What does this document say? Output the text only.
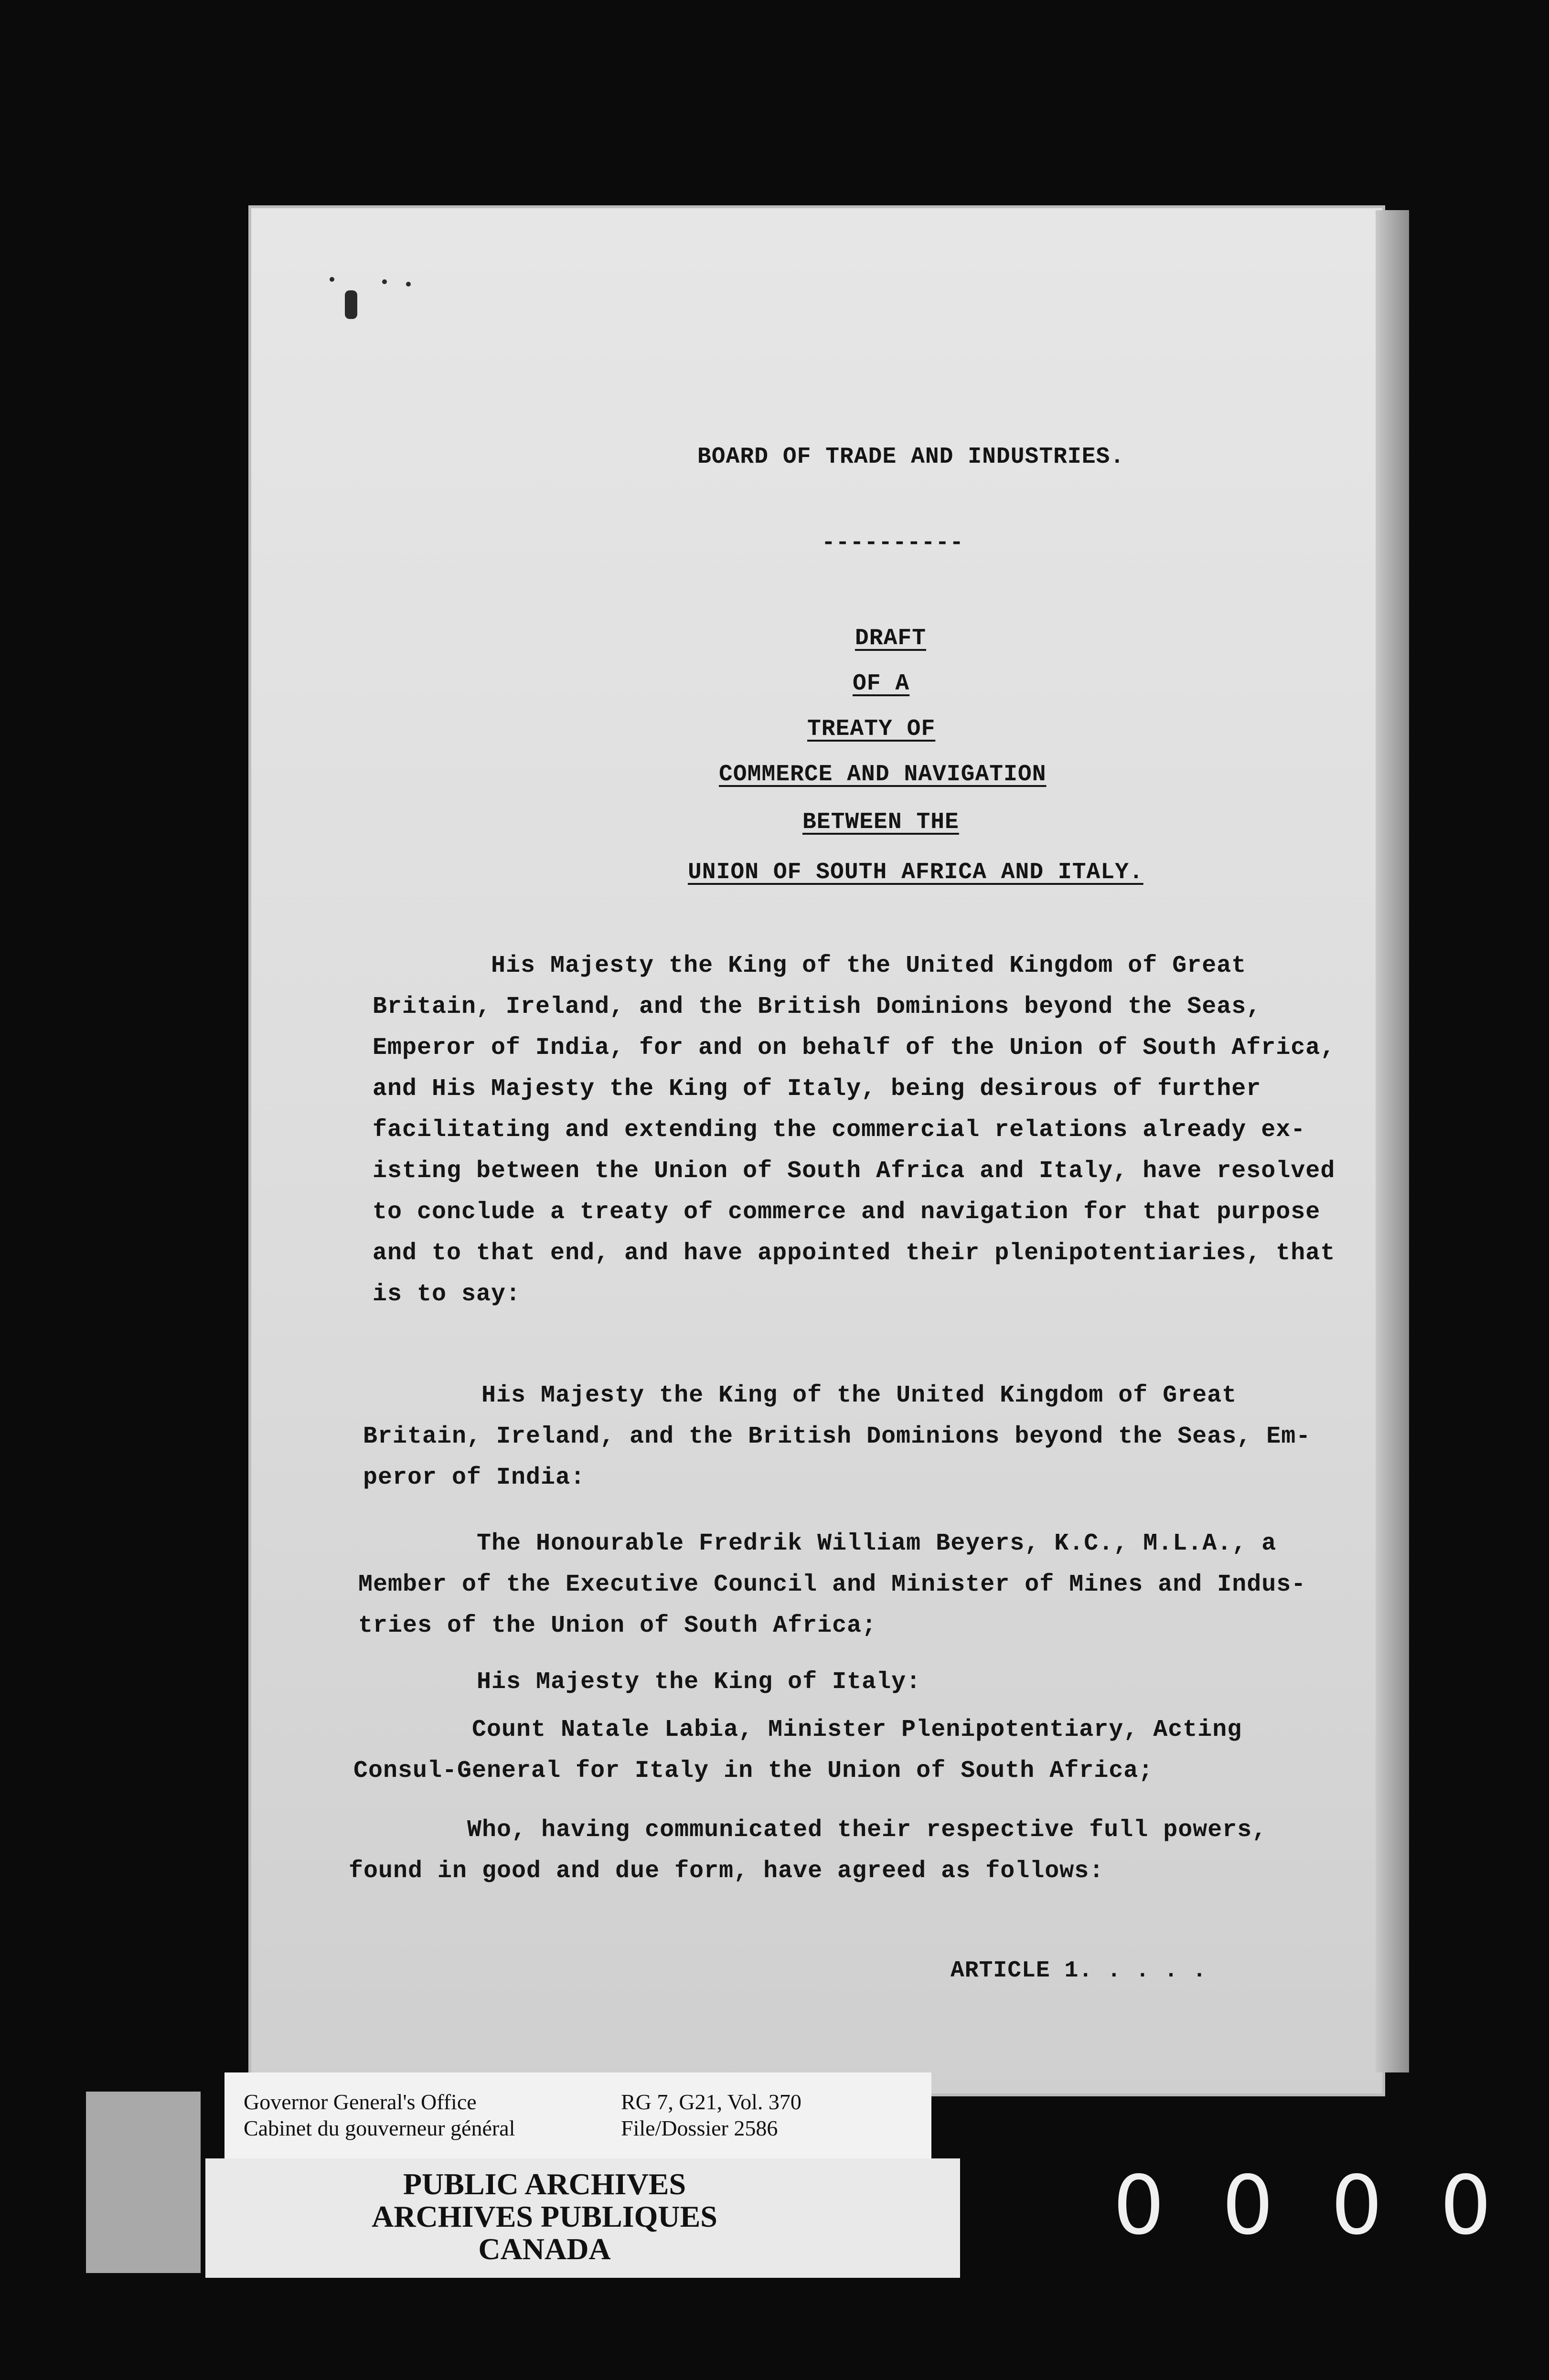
BOARD OF TRADE AND INDUSTRIES.
----------
DRAFT
OF A
TREATY OF
COMMERCE AND NAVIGATION
BETWEEN THE
UNION OF SOUTH AFRICA AND ITALY.
His Majesty the King of the United Kingdom of Great
Britain, Ireland, and the British Dominions beyond the Seas,
Emperor of India, for and on behalf of the Union of South Africa,
and His Majesty the King of Italy, being desirous of further
facilitating and extending the commercial relations already ex-
isting between the Union of South Africa and Italy, have resolved
to conclude a treaty of commerce and navigation for that purpose
and to that end, and have appointed their plenipotentiaries, that
is to say:
His Majesty the King of the United Kingdom of Great
Britain, Ireland, and the British Dominions beyond the Seas, Em-
peror of India:
The Honourable Fredrik William Beyers, K.C., M.L.A., a
Member of the Executive Council and Minister of Mines and Indus-
tries of the Union of South Africa;
His Majesty the King of Italy:
Count Natale Labia, Minister Plenipotentiary, Acting
Consul-General for Italy in the Union of South Africa;
Who, having communicated their respective full powers,
found in good and due form, have agreed as follows:
ARTICLE 1. . . . .
Governor General's Office
Cabinet du gouverneur général
RG 7, G21, Vol. 370
File/Dossier 2586
PUBLIC ARCHIVES
ARCHIVES PUBLIQUES
CANADA	0000
